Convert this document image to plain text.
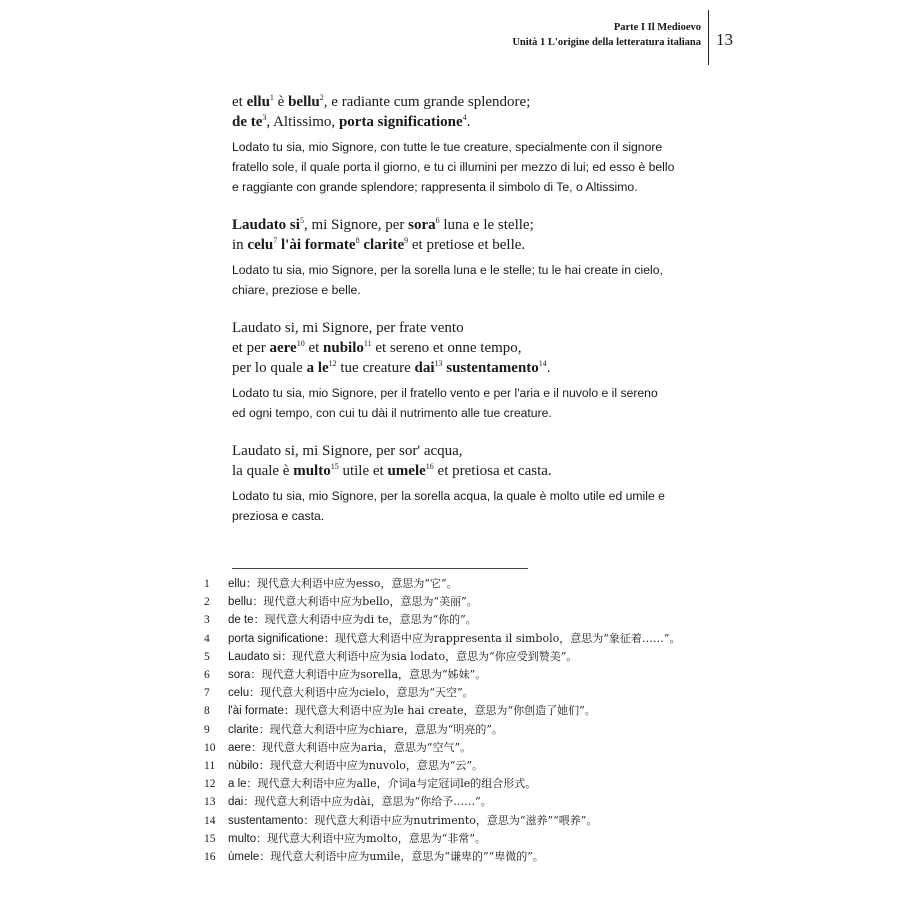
Parte I Il Medioevo
Unità 1 L'origine della letteratura italiana 13
et ellu$^1$ è bellu$^2$, e radiante cum grande splendore;
de $te^3$, Altissimo, porta significatione$^4$.
Lodato tu sia, mio Signore, con tutte le tue creature, specialmente con il signore
fratello sole, il quale porta il giorno, e tu ci illumini per mezzo di lui; ed esso è bello
e raggiante con grande splendore; rappresenta il simbolo di Te, o Altissimo.
Laudato $si^5$, mi Signore, per sora$^6$ luna e le stelle;
in celu$^7$ l'ài formate$^8$ clarite$^9$ et pretiose et belle.
Lodato tu sia, mio Signore, per la sorella luna e le stelle; tu le hai create in cielo,
chiare, preziose e belle.
Laudato si, mi Signore, per frate vento
et per aere$^{10}$ et nubilo$^{11}$ et sereno et onne tempo,
per lo quale a $le^{12}$ tue creature dai$^{13}$ sustentamento$^{14}$.
Lodato tu sia, mio Signore, per il fratello vento e per l'aria e il nuvolo e il sereno
ed ogni tempo, con cui tu dài il nutrimento alle tue creature.
Laudato si, mi Signore, per sor' acqua,
la quale è multo$^{15}$ utile et umele$^{16}$ et pretiosa et casta.
Lodato tu sia, mio Signore, per la sorella acqua, la quale è molto utile ed umile e
preziosa e casta.
1	ellu ：现代意大利语中应为esso，意思为“它”。
2	bellu ：现代意大利语中应为bello，意思为“美丽”。
3	de te ：现代意大利语中应为di te，意思为“你的”。
4	porta significatione ：现代意大利语中应为rappresenta il simbolo，意思为“象征着……”。
5	Laudato si ：现代意大利语中应为sia lodato，意思为“你应受到赞美”。
6	sora ：现代意大利语中应为sorella，意思为“姊妹”。
7	celu ：现代意大利语中应为cielo，意思为“天空”。
8	l'ài formate ：现代意大利语中应为le hai create，意思为“你创造了她们”。
9	clarite ：现代意大利语中应为chiare，意思为“明亮的”。
10	aere ：现代意大利语中应为aria，意思为“空气”。
11	nùbilo ：现代意大利语中应为nuvolo，意思为“云”。
12	a le ：现代意大利语中应为alle，介词a与定冠词le的组合形式。
13	dai ：现代意大利语中应为dài，意思为“你给予……”。
14	sustentamento ：现代意大利语中应为nutrimento，意思为“滋养”“喂养”。
15	multo ：现代意大利语中应为molto，意思为“非常”。
16	ùmele ：现代意大利语中应为umile，意思为“谦卑的”“卑微的”。
